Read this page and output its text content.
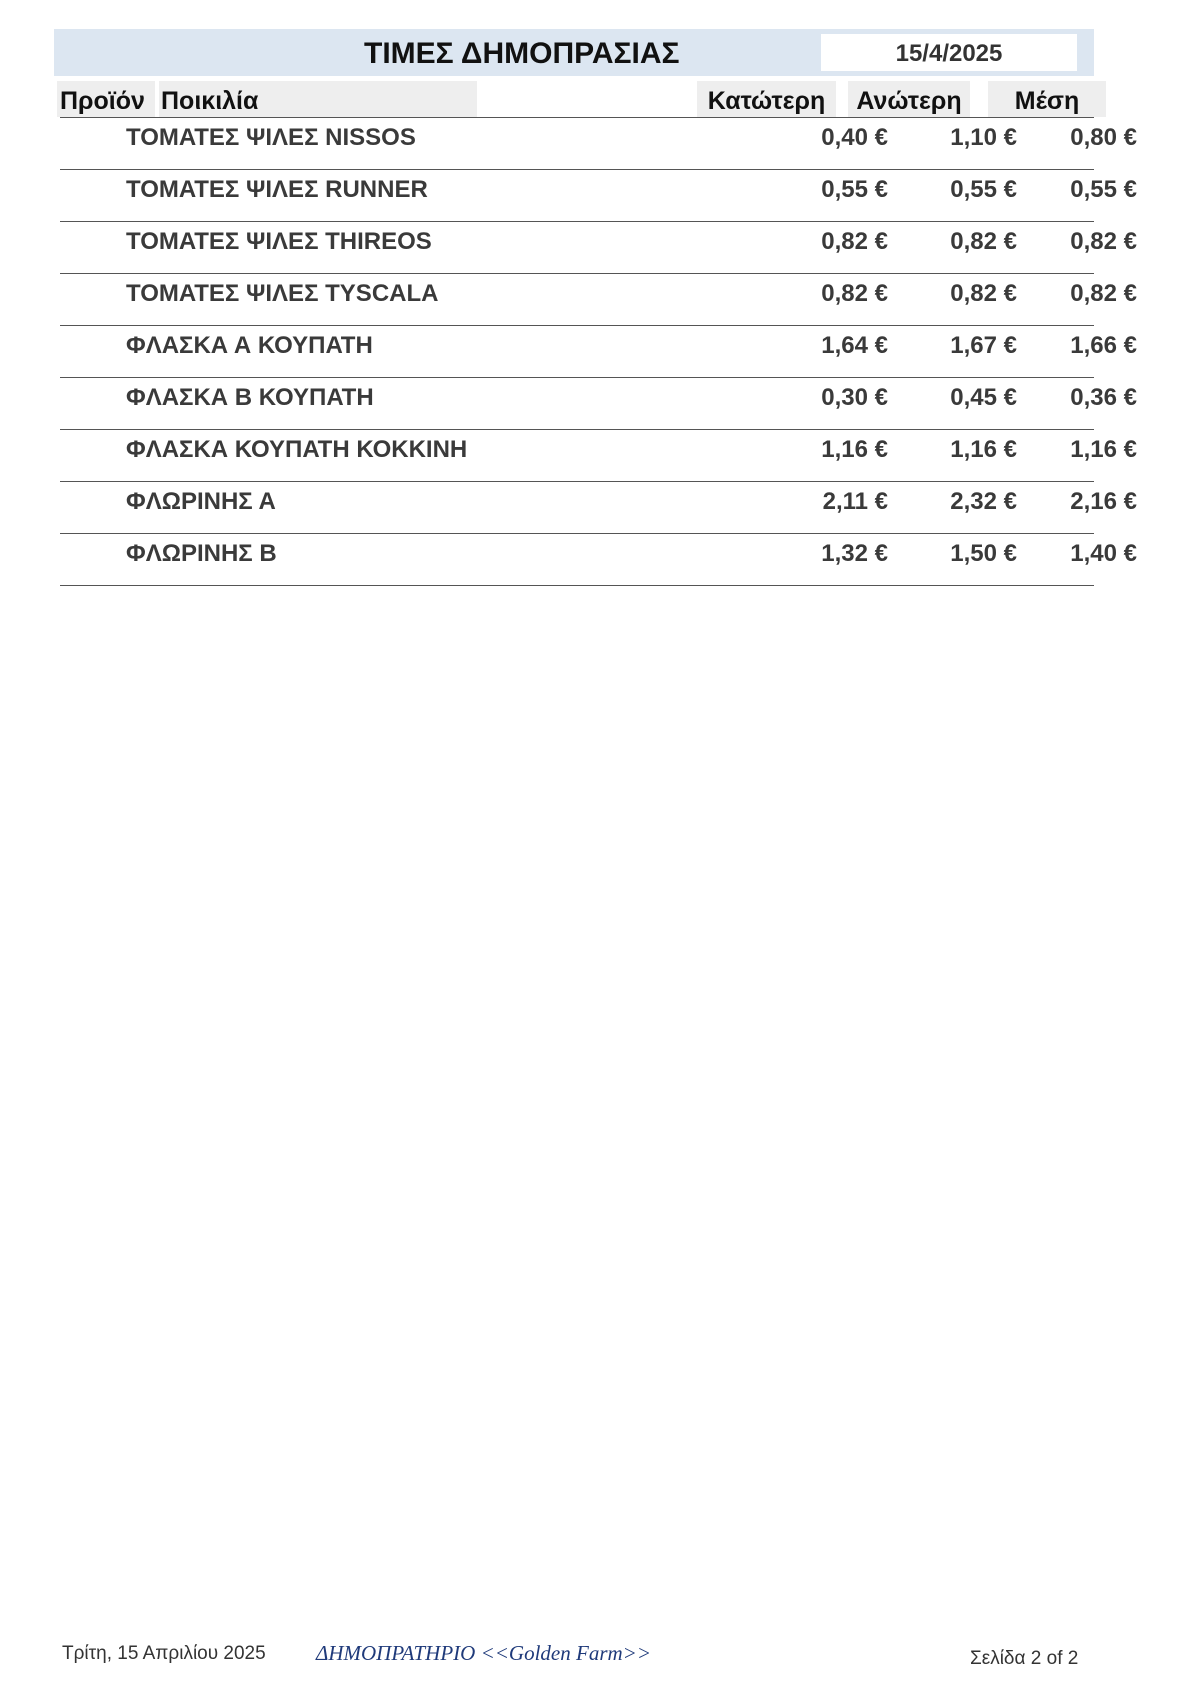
ΤΙΜΕΣ ΔΗΜΟΠΡΑΣΙΑΣ	15/4/2025
Προϊόν Ποικιλία	Κατώτερη	Ανώτερη	Μέση
ΤΟΜΑΤΕΣ ΨΙΛΕΣ NISSOS	0,40 €	1,10 €	0,80 €
ΤΟΜΑΤΕΣ ΨΙΛΕΣ RUNNER	0,55 €	0,55 €	0,55 €
ΤΟΜΑΤΕΣ ΨΙΛΕΣ THIREOS	0,82 €	0,82 €	0,82 €
ΤΟΜΑΤΕΣ ΨΙΛΕΣ TYSCALA	0,82 €	0,82 €	0,82 €
ΦΛΑΣΚΑ Α ΚΟΥΠΑΤΗ	1,64 €	1,67 €	1,66 €
ΦΛΑΣΚΑ Β ΚΟΥΠΑΤΗ	0,30 €	0,45 €	0,36 €
ΦΛΑΣΚΑ ΚΟΥΠΑΤΗ ΚΟΚΚΙΝΗ	1,16 €	1,16 €	1,16 €
ΦΛΩΡΙΝΗΣ Α	2,11 €	2,32 €	2,16 €
ΦΛΩΡΙΝΗΣ Β	1,32 €	1,50 €	1,40 €
Τρίτη, 15 Απριλίου 2025 ΔΗΜΟΠΡΑΤΗΡΙΟ <<Golden Farm>>	Σελίδα 2 of 2
